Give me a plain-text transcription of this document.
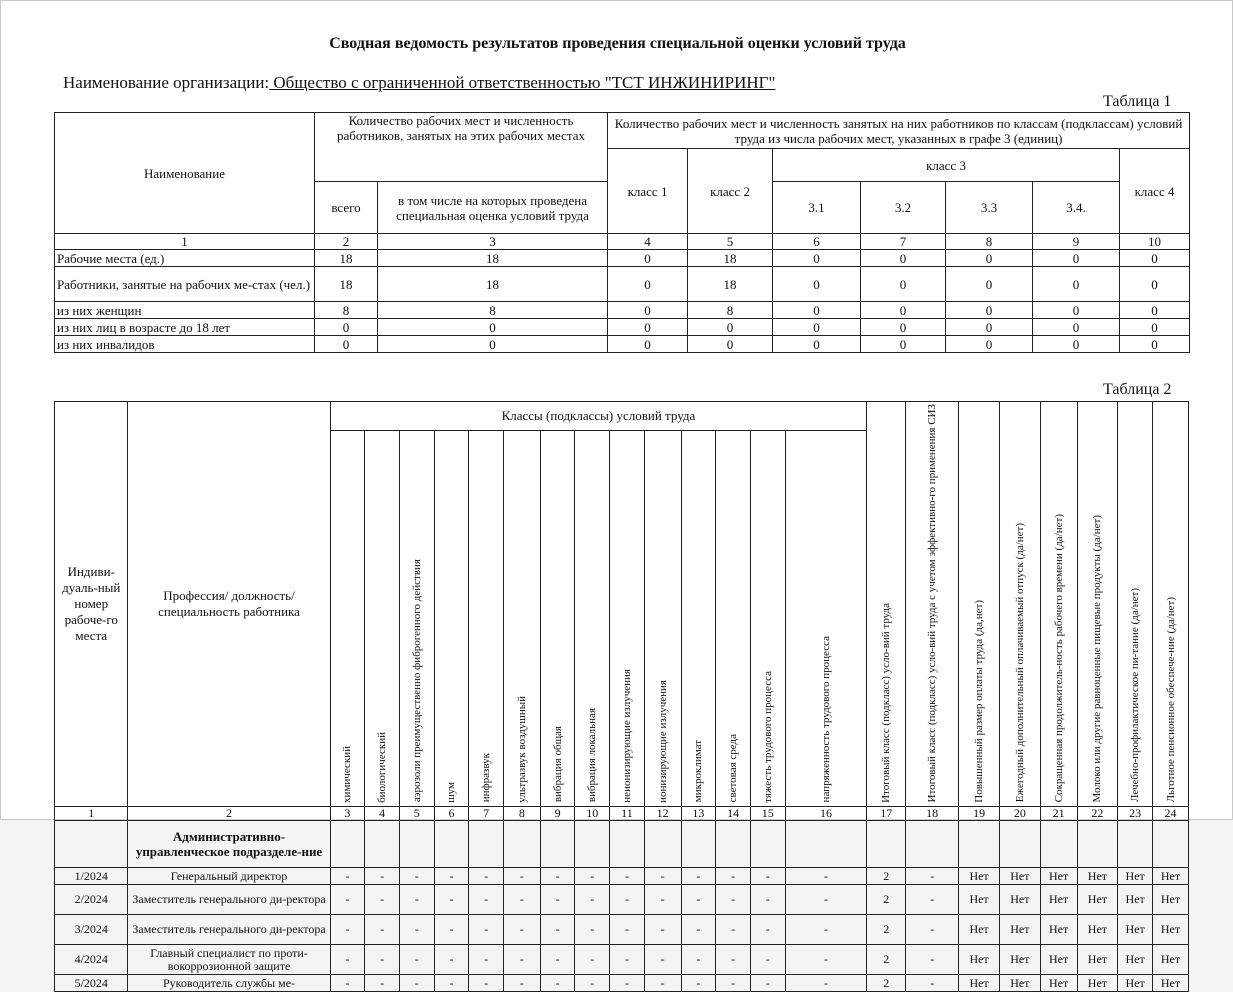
Сводная ведомость результатов проведения специальной оценки условий труда
Наименование организации: Общество с ограниченной ответственностью "ТСТ ИНЖИНИРИНГ"
Таблица 1
Наименование	Количество рабочих мест и численность работников, занятых на этих рабочих местах		Количество рабочих мест и численность занятых на них работников по классам (подклассам) условий труда из числа рабочих мест, указанных в графе 3 (единиц)						
			класс 1	класс 2	класс 3				класс 4
	всего	в том числе на которых проведена специальная оценка условий труда			3.1	3.2	3.3	3.4.	
1	2	3	4	5	6	7	8	9	10
Рабочие места (ед.)	18	18	0	18	0	0	0	0	0
Работники, занятые на рабочих ме-стах (чел.)	18	18	0	18	0	0	0	0	0
из них женщин	8	8	0	8	0	0	0	0	0
из них лиц в возрасте до 18 лет	0	0	0	0	0	0	0	0	0
из них инвалидов	0	0	0	0	0	0	0	0	0
Таблица 2
Индиви-дуаль-ный номер рабоче-го места	Профессия/ должность/ специальность работника	Классы (подклассы) условий труда														Итоговый класс (подкласс) усло-вий труда	Итоговый класс (подкласс) усло-вий труда с учетом эффективно-го применения СИЗ	Повышенный размер оплаты труда (да,нет)	Ежегодный дополнительный оплачиваемый отпуск (да/нет)	Сокращенная продолжитель-ность рабочего времени (да/нет)	Молоко или другие равноценные пищевые продукты (да/нет)	Лечебно-профилактическое пи-тание (да/нет)	Льготное пенсионное обеспече-ние (да/нет)

		химический	биологический	аэрозоли преимущественно фиброгенного действия	шум	инфразвук	ультразвук воздушный	вибрация общая	вибрация локальная	неионизирующие излучения	ионизирующие излучения	микроклимат	световая среда	тяжесть трудового процесса	напряженность трудового процесса								

1	2	3	4	5	6	7	8	9	10	11	12	13	14	15	16	17	18	19	20	21	22	23	24
	Административно-управленческое подразделе-ние																						
1/2024	Генеральный директор	-	-	-	-	-	-	-	-	-	-	-	-	-	-	2	-	Нет	Нет	Нет	Нет	Нет	Нет
2/2024	Заместитель генерального ди-ректора	-	-	-	-	-	-	-	-	-	-	-	-	-	-	2	-	Нет	Нет	Нет	Нет	Нет	Нет
3/2024	Заместитель генерального ди-ректора	-	-	-	-	-	-	-	-	-	-	-	-	-	-	2	-	Нет	Нет	Нет	Нет	Нет	Нет
4/2024	Главный специалист по проти-вокоррозионной защите	-	-	-	-	-	-	-	-	-	-	-	-	-	-	2	-	Нет	Нет	Нет	Нет	Нет	Нет
5/2024	Руководитель службы ме-	-	-	-	-	-	-	-	-	-	-	-	-	-	-	2	-	Нет	Нет	Нет	Нет	Нет	Нет
